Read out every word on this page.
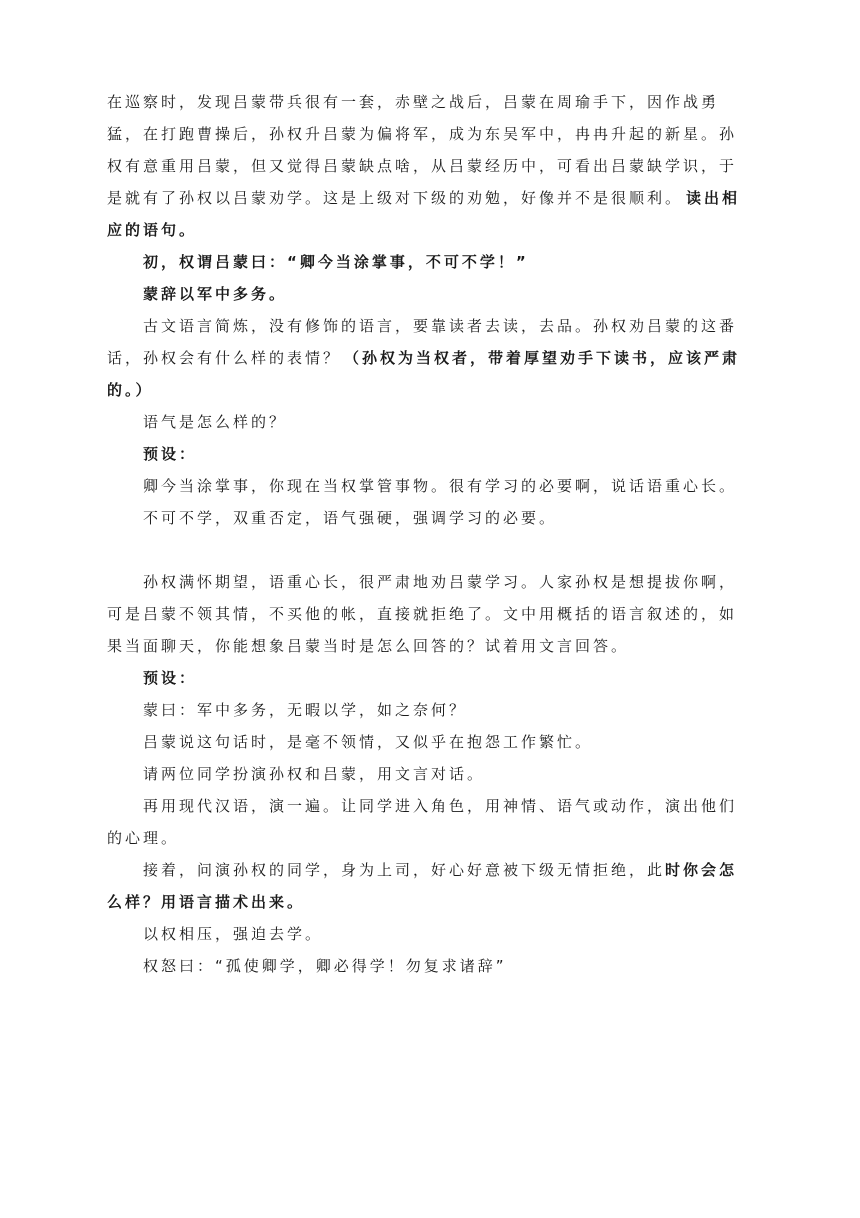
在巡察时，发现吕蒙带兵很有一套，赤壁之战后，吕蒙在周瑜手下，因作战勇猛，在打跑曹操后，孙权升吕蒙为偏将军，成为东吴军中，冉冉升起的新星。孙权有意重用吕蒙，但又觉得吕蒙缺点啥，从吕蒙经历中，可看出吕蒙缺学识，于是就有了孙权以吕蒙劝学。这是上级对下级的劝勉，好像并不是很顺利。 读出相应的语句。

初，权谓吕蒙曰：“卿今当涂掌事，不可不学！”

蒙辞以军中多务。

古文语言简炼，没有修饰的语言，要靠读者去读，去品。孙权劝吕蒙的这番话，孙权会有什么样的表情？ （孙权为当权者，带着厚望劝手下读书，应该严肃的。）

语气是怎么样的？

预设：

卿今当涂掌事，你现在当权掌管事物。很有学习的必要啊，说话语重心长。

不可不学，双重否定，语气强硬，强调学习的必要。

孙权满怀期望，语重心长，很严肃地劝吕蒙学习。人家孙权是想提拔你啊，可是吕蒙不领其情，不买他的帐，直接就拒绝了。文中用概括的语言叙述的，如果当面聊天，你能想象吕蒙当时是怎么回答的？试着用文言回答。

预设：

蒙曰：军中多务，无暇以学，如之奈何？

吕蒙说这句话时，是毫不领情，又似乎在抱怨工作繁忙。

请两位同学扮演孙权和吕蒙，用文言对话。

再用现代汉语，演一遍。让同学进入角色，用神情、语气或动作，演出他们的心理。

接着，问演孙权的同学，身为上司，好心好意被下级无情拒绝，此时你会怎么样？用语言描术出来。

以权相压，强迫去学。

权怒曰：“孤使卿学，卿必得学！勿复求诸辞”
